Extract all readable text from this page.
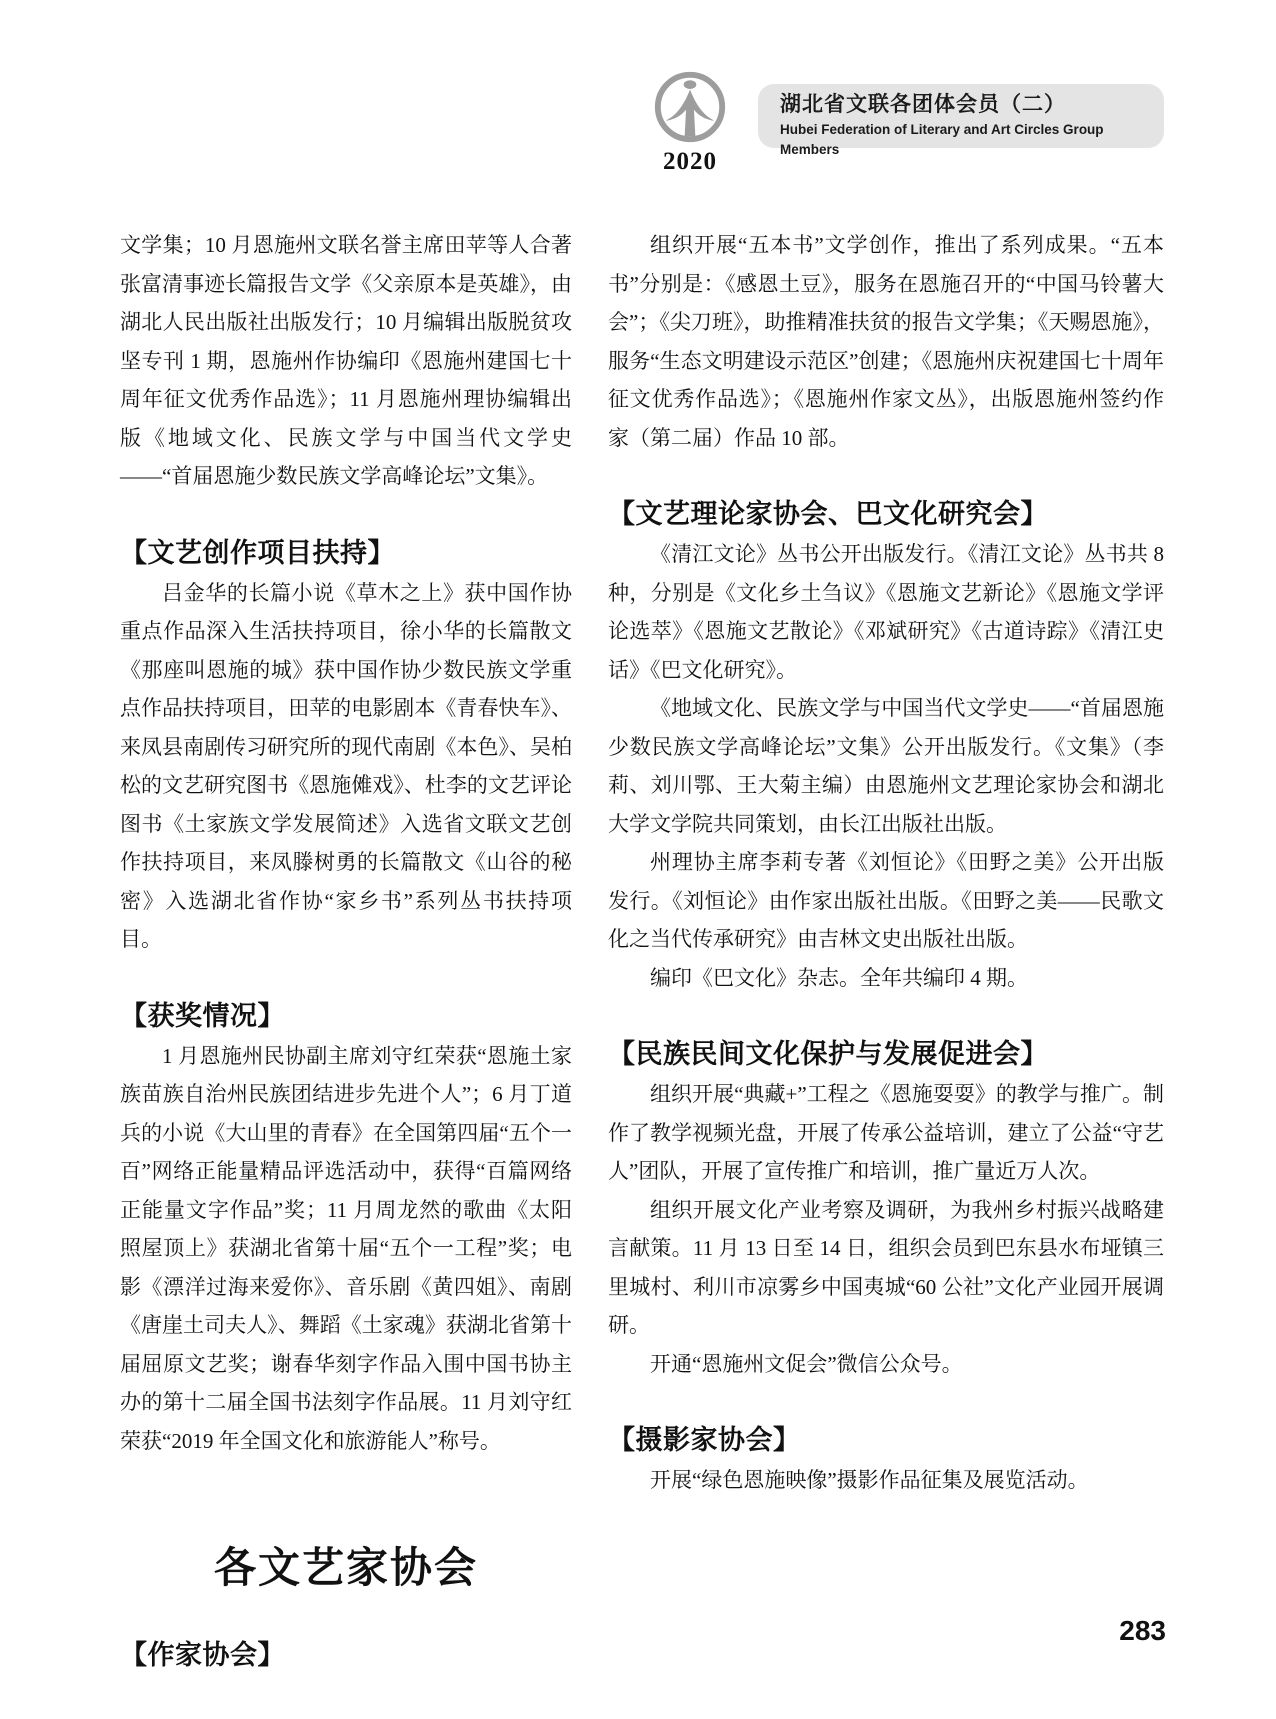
2020
湖北省文联各团体会员（二）
Hubei Federation of Literary and Art Circles Group Members

文学集；10 月恩施州文联名誉主席田苹等人合著张富清事迹长篇报告文学《父亲原本是英雄》，由湖北人民出版社出版发行；10 月编辑出版脱贫攻坚专刊 1 期，恩施州作协编印《恩施州建国七十周年征文优秀作品选》；11 月恩施州理协编辑出版《地域文化、民族文学与中国当代文学史——“首届恩施少数民族文学高峰论坛”文集》。

【文艺创作项目扶持】

吕金华的长篇小说《草木之上》获中国作协重点作品深入生活扶持项目，徐小华的长篇散文《那座叫恩施的城》获中国作协少数民族文学重点作品扶持项目，田苹的电影剧本《青春快车》、来凤县南剧传习研究所的现代南剧《本色》、吴柏松的文艺研究图书《恩施傩戏》、杜李的文艺评论图书《土家族文学发展简述》入选省文联文艺创作扶持项目，来凤滕树勇的长篇散文《山谷的秘密》入选湖北省作协“家乡书”系列丛书扶持项目。

【获奖情况】

1 月恩施州民协副主席刘守红荣获“恩施土家族苗族自治州民族团结进步先进个人”；6 月丁道兵的小说《大山里的青春》在全国第四届“五个一百”网络正能量精品评选活动中，获得“百篇网络正能量文字作品”奖；11 月周龙然的歌曲《太阳照屋顶上》获湖北省第十届“五个一工程”奖；电影《漂洋过海来爱你》、音乐剧《黄四姐》、南剧《唐崖土司夫人》、舞蹈《土家魂》获湖北省第十届屈原文艺奖；谢春华刻字作品入围中国书协主办的第十二届全国书法刻字作品展。11 月刘守红荣获“2019 年全国文化和旅游能人”称号。

各文艺家协会
【作家协会】

组织开展“五本书”文学创作，推出了系列成果。“五本书”分别是：《感恩土豆》，服务在恩施召开的“中国马铃薯大会”；《尖刀班》，助推精准扶贫的报告文学集；《天赐恩施》，服务“生态文明建设示范区”创建；《恩施州庆祝建国七十周年征文优秀作品选》；《恩施州作家文丛》，出版恩施州签约作家（第二届）作品 10 部。

【文艺理论家协会、巴文化研究会】

《清江文论》丛书公开出版发行。《清江文论》丛书共 8 种，分别是《文化乡土刍议》《恩施文艺新论》《恩施文学评论选萃》《恩施文艺散论》《邓斌研究》《古道诗踪》《清江史话》《巴文化研究》。

《地域文化、民族文学与中国当代文学史——“首届恩施少数民族文学高峰论坛”文集》公开出版发行。《文集》（李莉、刘川鄂、王大菊主编）由恩施州文艺理论家协会和湖北大学文学院共同策划，由长江出版社出版。

州理协主席李莉专著《刘恒论》《田野之美》公开出版发行。《刘恒论》由作家出版社出版。《田野之美——民歌文化之当代传承研究》由吉林文史出版社出版。

编印《巴文化》杂志。全年共编印 4 期。

【民族民间文化保护与发展促进会】

组织开展“典藏+”工程之《恩施耍耍》的教学与推广。制作了教学视频光盘，开展了传承公益培训，建立了公益“守艺人”团队，开展了宣传推广和培训，推广量近万人次。

组织开展文化产业考察及调研，为我州乡村振兴战略建言献策。11 月 13 日至 14 日，组织会员到巴东县水布垭镇三里城村、利川市凉雾乡中国夷城“60 公社”文化产业园开展调研。

开通“恩施州文促会”微信公众号。

【摄影家协会】

开展“绿色恩施映像”摄影作品征集及展览活动。

283
